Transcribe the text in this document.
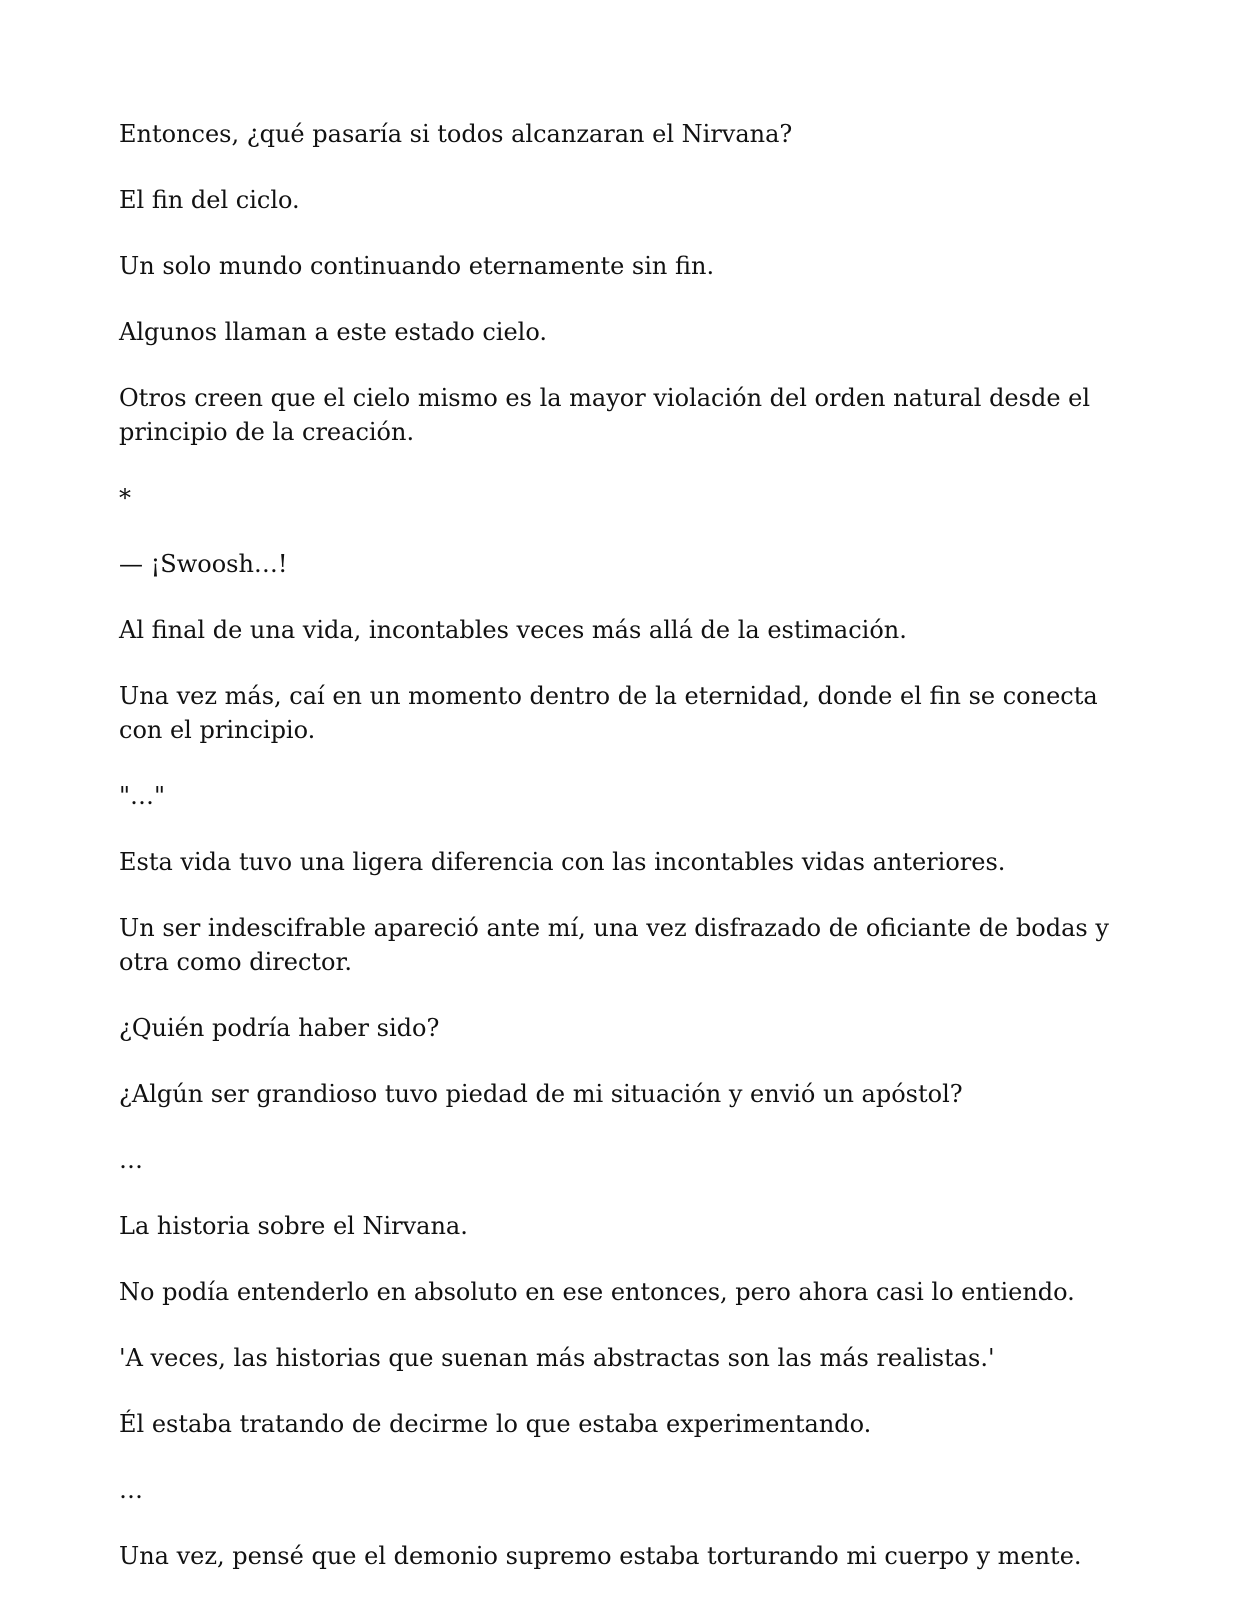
Entonces, ¿qué pasaría si todos alcanzaran el Nirvana?

El fin del ciclo.

Un solo mundo continuando eternamente sin fin.

Algunos llaman a este estado cielo.

Otros creen que el cielo mismo es la mayor violación del orden natural desde el principio de la creación.

*

— ¡Swoosh…!

Al final de una vida, incontables veces más allá de la estimación.

Una vez más, caí en un momento dentro de la eternidad, donde el fin se conecta con el principio.

"…"

Esta vida tuvo una ligera diferencia con las incontables vidas anteriores.

Un ser indescifrable apareció ante mí, una vez disfrazado de oficiante de bodas y otra como director.

¿Quién podría haber sido?

¿Algún ser grandioso tuvo piedad de mi situación y envió un apóstol?

…

La historia sobre el Nirvana.

No podía entenderlo en absoluto en ese entonces, pero ahora casi lo entiendo.

'A veces, las historias que suenan más abstractas son las más realistas.'

Él estaba tratando de decirme lo que estaba experimentando.

…

Una vez, pensé que el demonio supremo estaba torturando mi cuerpo y mente.
